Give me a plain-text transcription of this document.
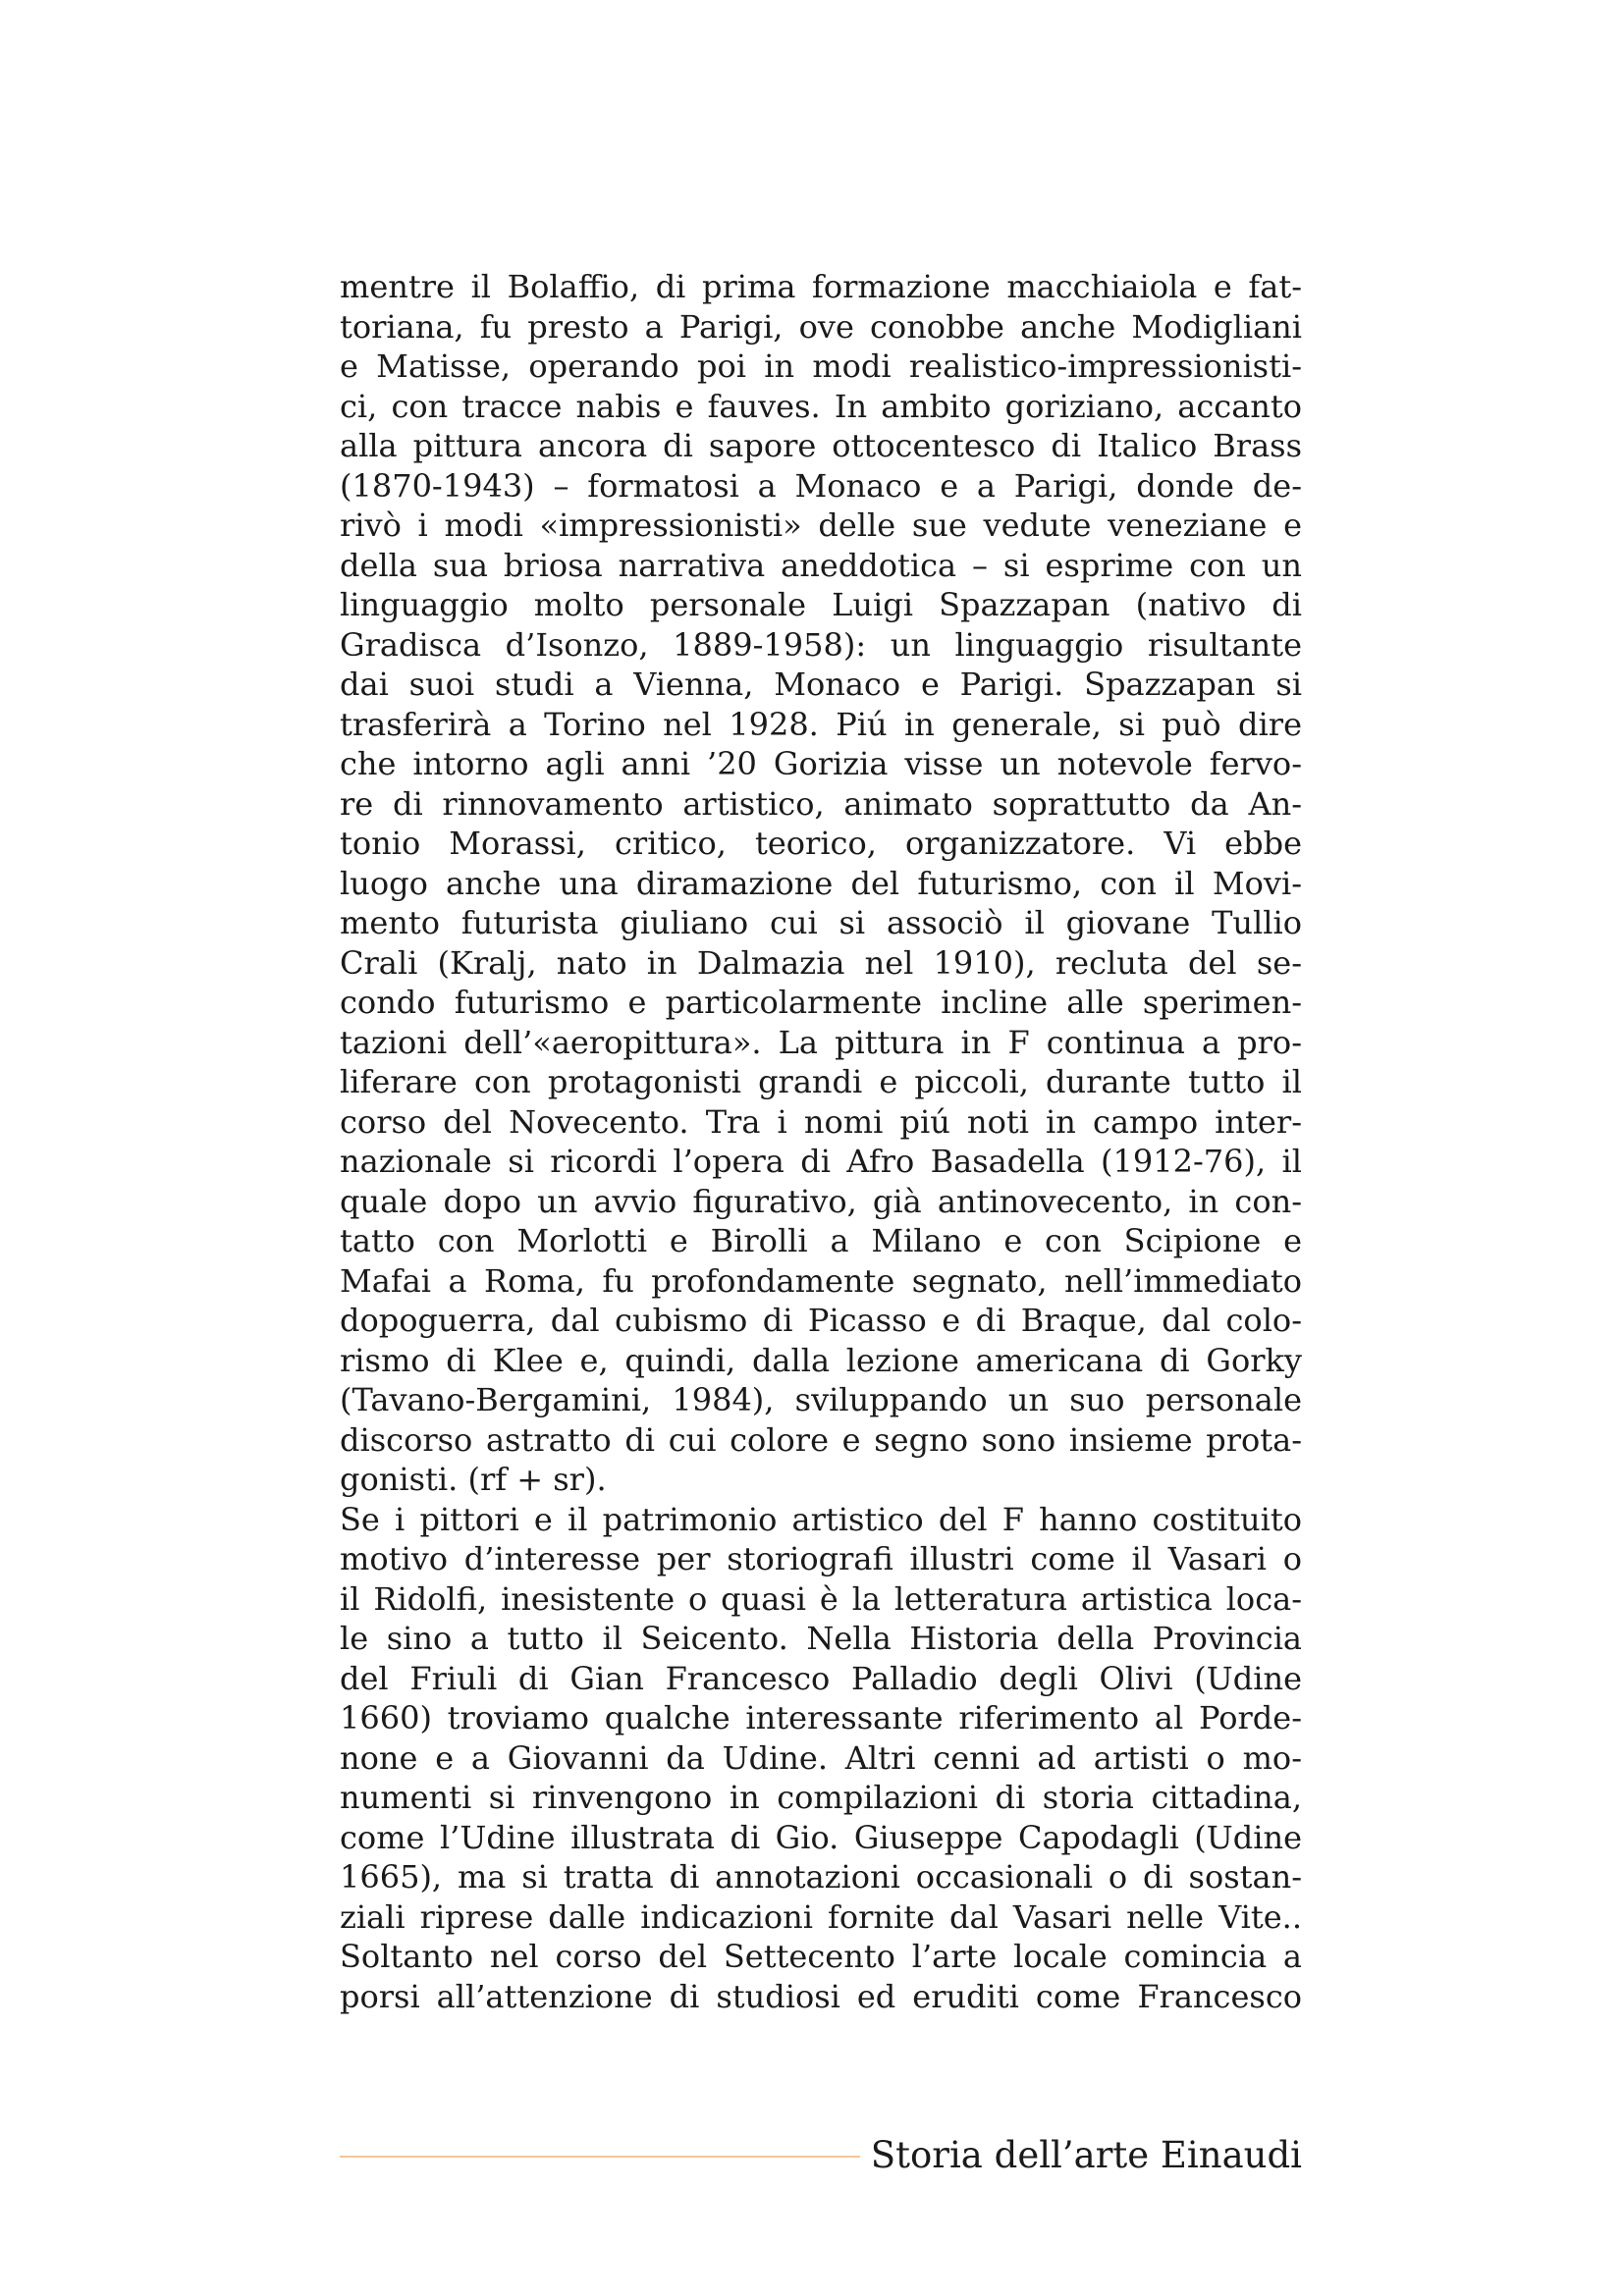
mentre il Bolaffio, di prima formazione macchiaiola e fat-
toriana, fu presto a Parigi, ove conobbe anche Modigliani
e Matisse, operando poi in modi realistico-impressionisti-
ci, con tracce nabis e fauves. In ambito goriziano, accanto
alla pittura ancora di sapore ottocentesco di Italico Brass
(1870-1943) – formatosi a Monaco e a Parigi, donde de-
rivò i modi «impressionisti» delle sue vedute veneziane e
della sua briosa narrativa aneddotica – si esprime con un
linguaggio molto personale Luigi Spazzapan (nativo di
Gradisca d’Isonzo, 1889-1958): un linguaggio risultante
dai suoi studi a Vienna, Monaco e Parigi. Spazzapan si
trasferirà a Torino nel 1928. Piú in generale, si può dire
che intorno agli anni ’20 Gorizia visse un notevole fervo-
re di rinnovamento artistico, animato soprattutto da An-
tonio Morassi, critico, teorico, organizzatore. Vi ebbe
luogo anche una diramazione del futurismo, con il Movi-
mento futurista giuliano cui si associò il giovane Tullio
Crali (Kralj, nato in Dalmazia nel 1910), recluta del se-
condo futurismo e particolarmente incline alle sperimen-
tazioni dell’«aeropittura». La pittura in F continua a pro-
liferare con protagonisti grandi e piccoli, durante tutto il
corso del Novecento. Tra i nomi piú noti in campo inter-
nazionale si ricordi l’opera di Afro Basadella (1912-76), il
quale dopo un avvio figurativo, già antinovecento, in con-
tatto con Morlotti e Birolli a Milano e con Scipione e
Mafai a Roma, fu profondamente segnato, nell’immediato
dopoguerra, dal cubismo di Picasso e di Braque, dal colo-
rismo di Klee e, quindi, dalla lezione americana di Gorky
(Tavano-Bergamini, 1984), sviluppando un suo personale
discorso astratto di cui colore e segno sono insieme prota-
gonisti. (rf + sr).
Se i pittori e il patrimonio artistico del F hanno costituito
motivo d’interesse per storiografi illustri come il Vasari o
il Ridolfi, inesistente o quasi è la letteratura artistica loca-
le sino a tutto il Seicento. Nella Historia della Provincia
del Friuli di Gian Francesco Palladio degli Olivi (Udine
1660) troviamo qualche interessante riferimento al Porde-
none e a Giovanni da Udine. Altri cenni ad artisti o mo-
numenti si rinvengono in compilazioni di storia cittadina,
come l’Udine illustrata di Gio. Giuseppe Capodagli (Udine
1665), ma si tratta di annotazioni occasionali o di sostan-
ziali riprese dalle indicazioni fornite dal Vasari nelle Vite..
Soltanto nel corso del Settecento l’arte locale comincia a
porsi all’attenzione di studiosi ed eruditi come Francesco
Storia dell’arte Einaudi
